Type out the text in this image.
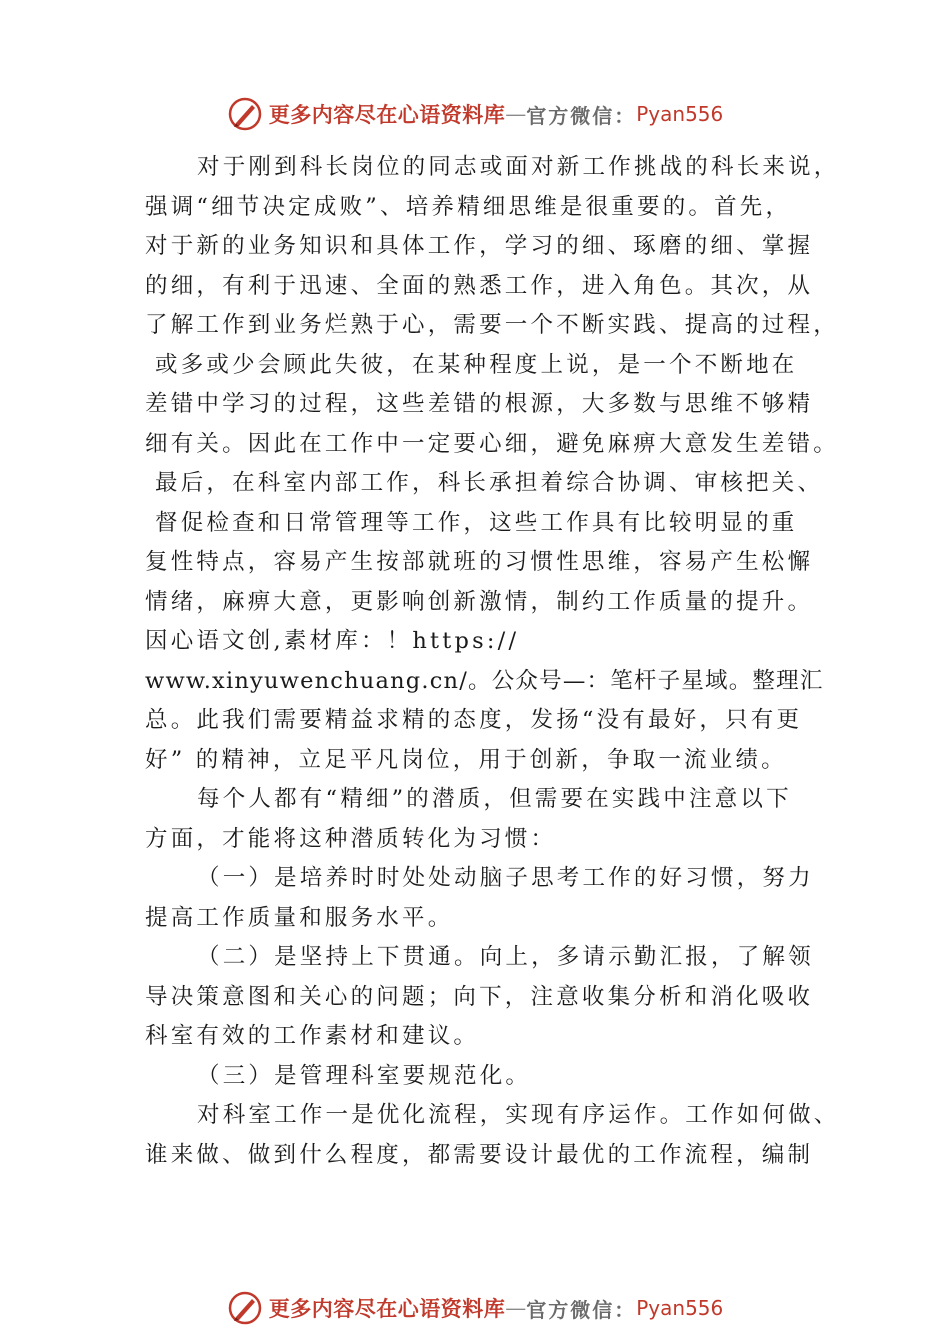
更多内容尽在心语资料库 — 官方微信： Pyan556
对于刚到科长岗位的同志或面对新工作挑战的科长来说，
强调“细节决定成败”、培养精细思维是很重要的。首先，
对于新的业务知识和具体工作，学习的细、琢磨的细、掌握
的细，有利于迅速、全面的熟悉工作，进入角色。其次，从
了解工作到业务烂熟于心，需要一个不断实践、提高的过程，
或多或少会顾此失彼，在某种程度上说，是一个不断地在
差错中学习的过程，这些差错的根源，大多数与思维不够精
细有关。因此在工作中一定要心细，避免麻痹大意发生差错。
最后，在科室内部工作，科长承担着综合协调、审核把关、
督促检查和日常管理等工作，这些工作具有比较明显的重
复性特点，容易产生按部就班的习惯性思维，容易产生松懈
情绪，麻痹大意，更影响创新激情，制约工作质量的提升。
因心语文创,素材库：！https://
www.xinyuwenchuang.cn/。公众号—：笔杆子星域。整理汇
总。此我们需要精益求精的态度，发扬“没有最好，只有更
好” 的精神，立足平凡岗位，用于创新，争取一流业绩。
每个人都有“精细”的潜质，但需要在实践中注意以下
方面，才能将这种潜质转化为习惯：
（一）是培养时时处处动脑子思考工作的好习惯，努力
提高工作质量和服务水平。
（二）是坚持上下贯通。向上，多请示勤汇报，了解领
导决策意图和关心的问题；向下，注意收集分析和消化吸收
科室有效的工作素材和建议。
（三）是管理科室要规范化。
对科室工作一是优化流程，实现有序运作。工作如何做、
谁来做、做到什么程度，都需要设计最优的工作流程，编制
更多内容尽在心语资料库 — 官方微信： Pyan556
